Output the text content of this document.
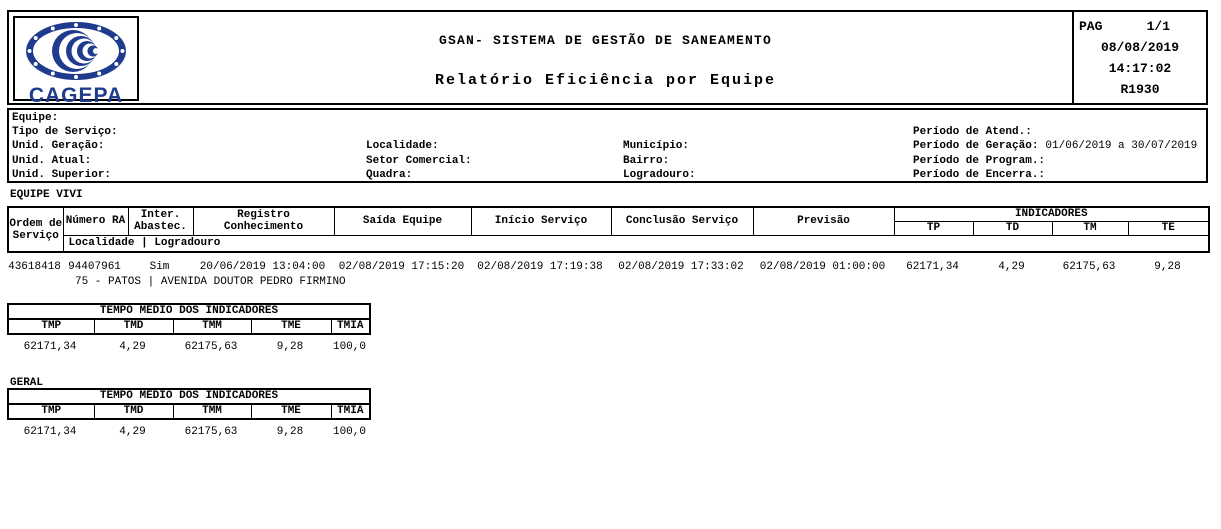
CAGEPA
GSAN- SISTEMA DE GESTÃO DE SANEAMENTO
Relatório Eficiência por Equipe
PAG	1/1
08/08/2019
14:17:02
R1930
Equipe:
Tipo de Serviço:
Unid. Geração:
Unid. Atual:
Unid. Superior:
Localidade:
Setor Comercial:
Quadra:
Município:
Bairro:
Logradouro:
Período de Atend.:
Período de Geração: 01/06/2019 a 30/07/2019
Período de Program.:
Período de Encerra.:
EQUIPE VIVI
Ordem de
Serviço	Número RA	Inter.
Abastec.	Registro
Conhecimento	Saída Equipe	Início Serviço	Conclusão Serviço	Previsão	INDICADORES			
								TP	TD	TM	TE
	Localidade | Logradouro										
43618418	94407961	Sim	20/06/2019 13:04:00	02/08/2019 17:15:20	02/08/2019 17:19:38	02/08/2019 17:33:02	02/08/2019 01:00:00	62171,34	4,29	62175,63	9,28
	75 - PATOS | AVENIDA DOUTOR PEDRO FIRMINO										
TEMPO MÉDIO DOS INDICADORES
TMP	TMD	TMM	TME	TMIA
62171,34	4,29	62175,63	9,28	100,0
GERAL
TEMPO MÉDIO DOS INDICADORES
TMP	TMD	TMM	TME	TMIA
62171,34	4,29	62175,63	9,28	100,0
